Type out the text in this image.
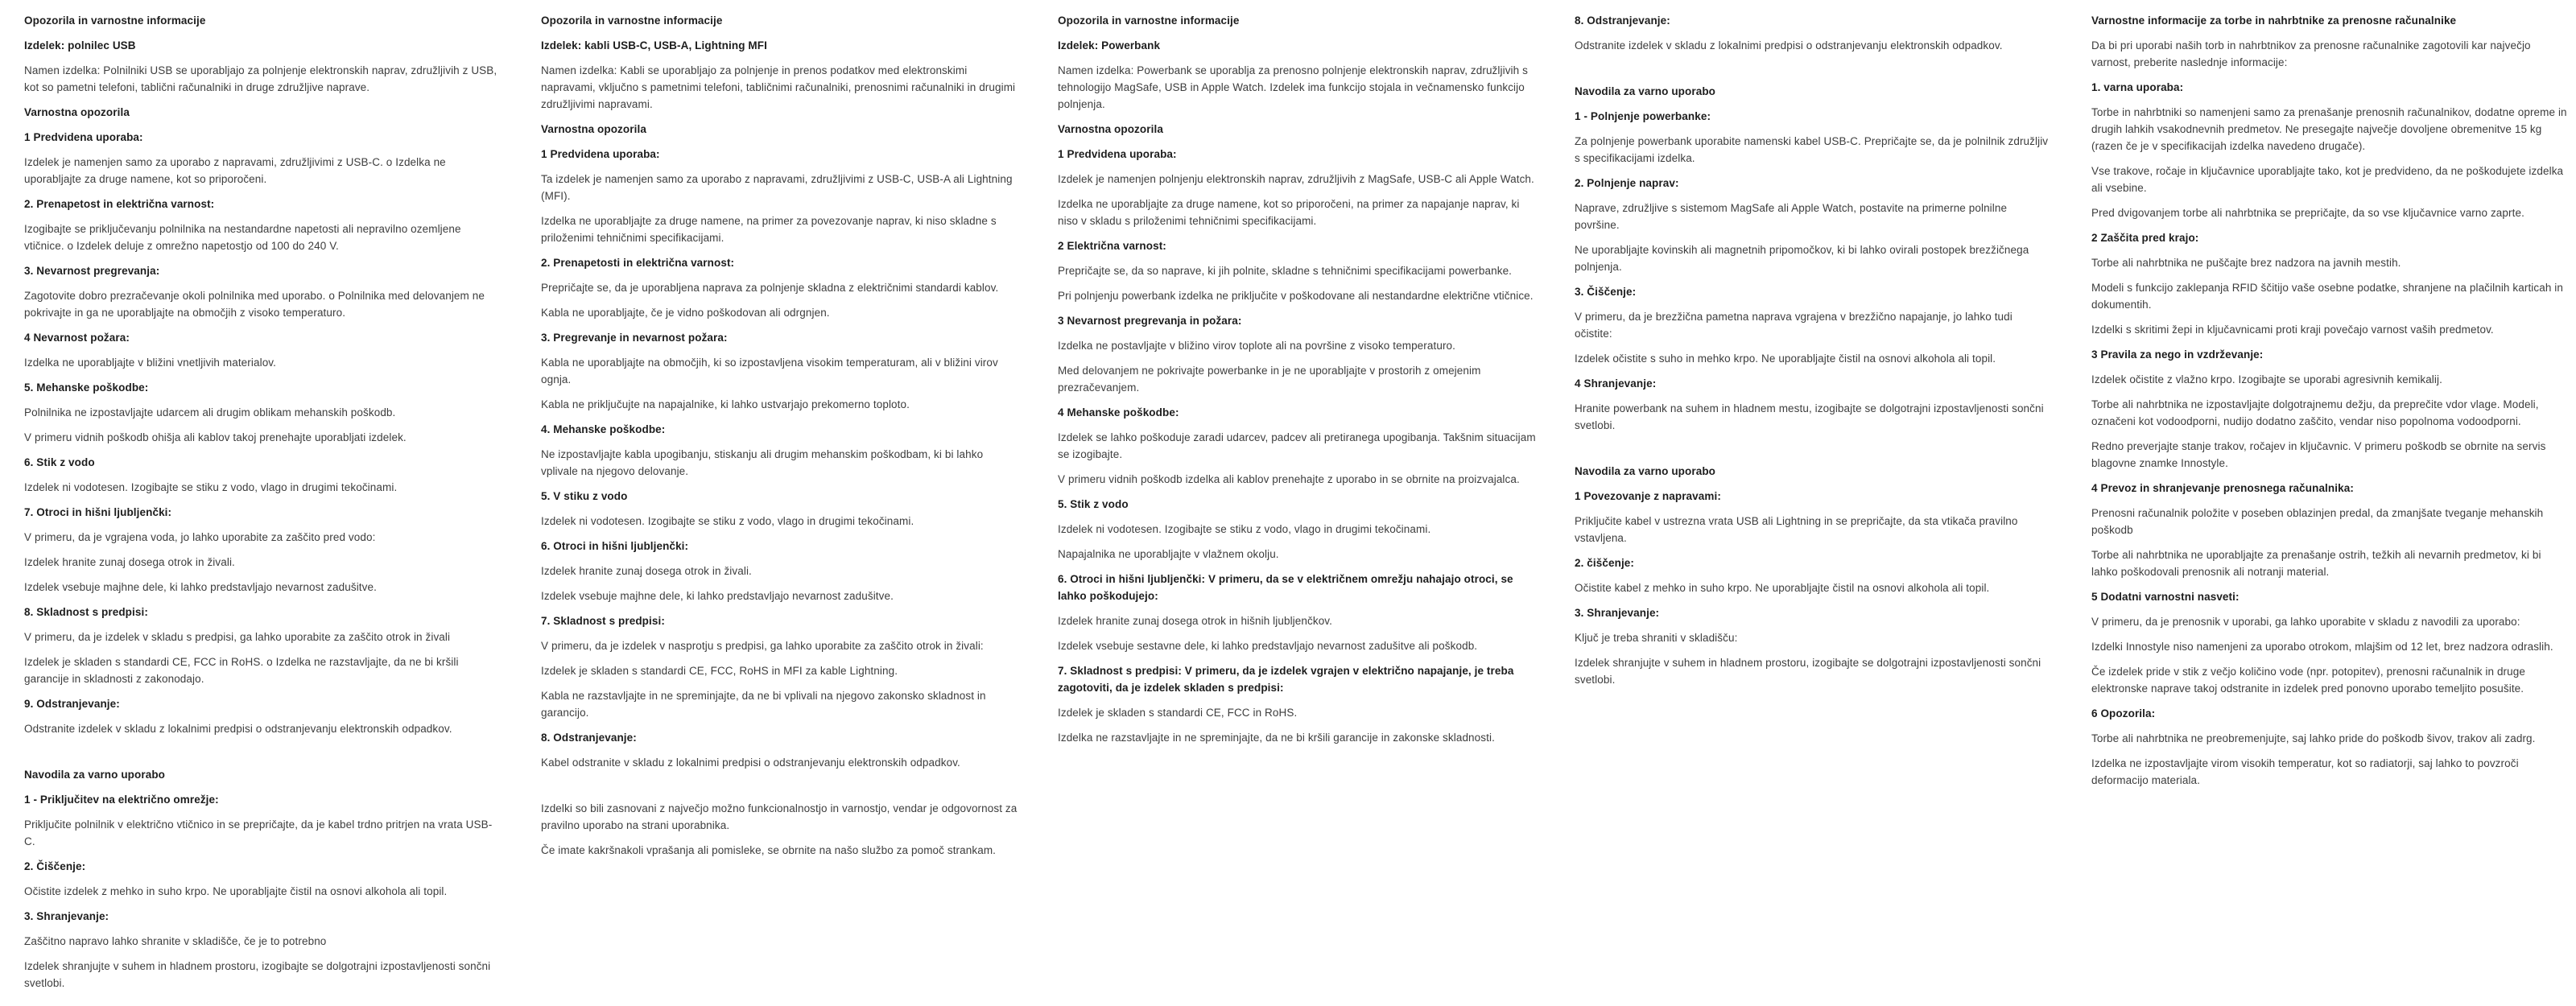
Opozorila in varnostne informacije
Izdelek: polnilec USB
Namen izdelka: Polnilniki USB se uporabljajo za polnjenje elektronskih naprav, združljivih z USB, kot so pametni telefoni, tablični računalniki in druge združljive naprave.
Varnostna opozorila
1 Predvidena uporaba:
Izdelek je namenjen samo za uporabo z napravami, združljivimi z USB-C. o Izdelka ne uporabljajte za druge namene, kot so priporočeni.
2. Prenapetost in električna varnost:
Izogibajte se priključevanju polnilnika na nestandardne napetosti ali nepravilno ozemljene vtičnice. o Izdelek deluje z omrežno napetostjo od 100 do 240 V.
3. Nevarnost pregrevanja:
Zagotovite dobro prezračevanje okoli polnilnika med uporabo. o Polnilnika med delovanjem ne pokrivajte in ga ne uporabljajte na območjih z visoko temperaturo.
4 Nevarnost požara:
Izdelka ne uporabljajte v bližini vnetljivih materialov.
5. Mehanske poškodbe:
Polnilnika ne izpostavljajte udarcem ali drugim oblikam mehanskih poškodb.
V primeru vidnih poškodb ohišja ali kablov takoj prenehajte uporabljati izdelek.
6. Stik z vodo
Izdelek ni vodotesen. Izogibajte se stiku z vodo, vlago in drugimi tekočinami.
7. Otroci in hišni ljubljenčki:
V primeru, da je vgrajena voda, jo lahko uporabite za zaščito pred vodo:
Izdelek hranite zunaj dosega otrok in živali.
Izdelek vsebuje majhne dele, ki lahko predstavljajo nevarnost zadušitve.
8. Skladnost s predpisi:
V primeru, da je izdelek v skladu s predpisi, ga lahko uporabite za zaščito otrok in živali
Izdelek je skladen s standardi CE, FCC in RoHS. o Izdelka ne razstavljajte, da ne bi kršili garancije in skladnosti z zakonodajo.
9. Odstranjevanje:
Odstranite izdelek v skladu z lokalnimi predpisi o odstranjevanju elektronskih odpadkov.
Navodila za varno uporabo
1 - Priključitev na električno omrežje:
Priključite polnilnik v električno vtičnico in se prepričajte, da je kabel trdno pritrjen na vrata USB-C.
2. Čiščenje:
Očistite izdelek z mehko in suho krpo. Ne uporabljajte čistil na osnovi alkohola ali topil.
3. Shranjevanje:
Zaščitno napravo lahko shranite v skladišče, če je to potrebno
Izdelek shranjujte v suhem in hladnem prostoru, izogibajte se dolgotrajni izpostavljenosti sončni svetlobi.
Opozorila in varnostne informacije
Izdelek: kabli USB-C, USB-A, Lightning MFI
Namen izdelka: Kabli se uporabljajo za polnjenje in prenos podatkov med elektronskimi napravami, vključno s pametnimi telefoni, tabličnimi računalniki, prenosnimi računalniki in drugimi združljivimi napravami.
Varnostna opozorila
1 Predvidena uporaba:
Ta izdelek je namenjen samo za uporabo z napravami, združljivimi z USB-C, USB-A ali Lightning (MFI).
Izdelka ne uporabljajte za druge namene, na primer za povezovanje naprav, ki niso skladne s priloženimi tehničnimi specifikacijami.
2. Prenapetosti in električna varnost:
Prepričajte se, da je uporabljena naprava za polnjenje skladna z električnimi standardi kablov.
Kabla ne uporabljajte, če je vidno poškodovan ali odrgnjen.
3. Pregrevanje in nevarnost požara:
Kabla ne uporabljajte na območjih, ki so izpostavljena visokim temperaturam, ali v bližini virov ognja.
Kabla ne priključujte na napajalnike, ki lahko ustvarjajo prekomerno toploto.
4. Mehanske poškodbe:
Ne izpostavljajte kabla upogibanju, stiskanju ali drugim mehanskim poškodbam, ki bi lahko vplivale na njegovo delovanje.
5. V stiku z vodo
Izdelek ni vodotesen. Izogibajte se stiku z vodo, vlago in drugimi tekočinami.
6. Otroci in hišni ljubljenčki:
Izdelek hranite zunaj dosega otrok in živali.
Izdelek vsebuje majhne dele, ki lahko predstavljajo nevarnost zadušitve.
7. Skladnost s predpisi:
V primeru, da je izdelek v nasprotju s predpisi, ga lahko uporabite za zaščito otrok in živali:
Izdelek je skladen s standardi CE, FCC, RoHS in MFI za kable Lightning.
Kabla ne razstavljajte in ne spreminjajte, da ne bi vplivali na njegovo zakonsko skladnost in garancijo.
8. Odstranjevanje:
Kabel odstranite v skladu z lokalnimi predpisi o odstranjevanju elektronskih odpadkov.
Izdelki so bili zasnovani z največjo možno funkcionalnostjo in varnostjo, vendar je odgovornost za pravilno uporabo na strani uporabnika.
Če imate kakršnakoli vprašanja ali pomisleke, se obrnite na našo službo za pomoč strankam.
Opozorila in varnostne informacije
Izdelek: Powerbank
Namen izdelka: Powerbank se uporablja za prenosno polnjenje elektronskih naprav, združljivih s tehnologijo MagSafe, USB in Apple Watch. Izdelek ima funkcijo stojala in večnamensko funkcijo polnjenja.
Varnostna opozorila
1 Predvidena uporaba:
Izdelek je namenjen polnjenju elektronskih naprav, združljivih z MagSafe, USB-C ali Apple Watch.
Izdelka ne uporabljajte za druge namene, kot so priporočeni, na primer za napajanje naprav, ki niso v skladu s priloženimi tehničnimi specifikacijami.
2 Električna varnost:
Prepričajte se, da so naprave, ki jih polnite, skladne s tehničnimi specifikacijami powerbanke.
Pri polnjenju powerbank izdelka ne priključite v poškodovane ali nestandardne električne vtičnice.
3 Nevarnost pregrevanja in požara:
Izdelka ne postavljajte v bližino virov toplote ali na površine z visoko temperaturo.
Med delovanjem ne pokrivajte powerbanke in je ne uporabljajte v prostorih z omejenim prezračevanjem.
4 Mehanske poškodbe:
Izdelek se lahko poškoduje zaradi udarcev, padcev ali pretiranega upogibanja. Takšnim situacijam se izogibajte.
V primeru vidnih poškodb izdelka ali kablov prenehajte z uporabo in se obrnite na proizvajalca.
5. Stik z vodo
Izdelek ni vodotesen. Izogibajte se stiku z vodo, vlago in drugimi tekočinami.
Napajalnika ne uporabljajte v vlažnem okolju.
6. Otroci in hišni ljubljenčki: V primeru, da se v električnem omrežju nahajajo otroci, se lahko poškodujejo:
Izdelek hranite zunaj dosega otrok in hišnih ljubljenčkov.
Izdelek vsebuje sestavne dele, ki lahko predstavljajo nevarnost zadušitve ali poškodb.
7. Skladnost s predpisi: V primeru, da je izdelek vgrajen v električno napajanje, je treba zagotoviti, da je izdelek skladen s predpisi:
Izdelek je skladen s standardi CE, FCC in RoHS.
Izdelka ne razstavljajte in ne spreminjajte, da ne bi kršili garancije in zakonske skladnosti.
8. Odstranjevanje:
Odstranite izdelek v skladu z lokalnimi predpisi o odstranjevanju elektronskih odpadkov.
Navodila za varno uporabo
1 - Polnjenje powerbanke:
Za polnjenje powerbank uporabite namenski kabel USB-C. Prepričajte se, da je polnilnik združljiv s specifikacijami izdelka.
2. Polnjenje naprav:
Naprave, združljive s sistemom MagSafe ali Apple Watch, postavite na primerne polnilne površine.
Ne uporabljajte kovinskih ali magnetnih pripomočkov, ki bi lahko ovirali postopek brezžičnega polnjenja.
3. Čiščenje:
V primeru, da je brezžična pametna naprava vgrajena v brezžično napajanje, jo lahko tudi očistite:
Izdelek očistite s suho in mehko krpo. Ne uporabljajte čistil na osnovi alkohola ali topil.
4 Shranjevanje:
Hranite powerbank na suhem in hladnem mestu, izogibajte se dolgotrajni izpostavljenosti sončni svetlobi.
Navodila za varno uporabo
1 Povezovanje z napravami:
Priključite kabel v ustrezna vrata USB ali Lightning in se prepričajte, da sta vtikača pravilno vstavljena.
2. čiščenje:
Očistite kabel z mehko in suho krpo. Ne uporabljajte čistil na osnovi alkohola ali topil.
3. Shranjevanje:
Ključ je treba shraniti v skladišču:
Izdelek shranjujte v suhem in hladnem prostoru, izogibajte se dolgotrajni izpostavljenosti sončni svetlobi.
Varnostne informacije za torbe in nahrbtnike za prenosne računalnike
Da bi pri uporabi naših torb in nahrbtnikov za prenosne računalnike zagotovili kar največjo varnost, preberite naslednje informacije:
1. varna uporaba:
Torbe in nahrbtniki so namenjeni samo za prenašanje prenosnih računalnikov, dodatne opreme in drugih lahkih vsakodnevnih predmetov. Ne presegajte največje dovoljene obremenitve 15 kg (razen če je v specifikacijah izdelka navedeno drugače).
Vse trakove, ročaje in ključavnice uporabljajte tako, kot je predvideno, da ne poškodujete izdelka ali vsebine.
Pred dvigovanjem torbe ali nahrbtnika se prepričajte, da so vse ključavnice varno zaprte.
2 Zaščita pred krajo:
Torbe ali nahrbtnika ne puščajte brez nadzora na javnih mestih.
Modeli s funkcijo zaklepanja RFID ščitijo vaše osebne podatke, shranjene na plačilnih karticah in dokumentih.
Izdelki s skritimi žepi in ključavnicami proti kraji povečajo varnost vaših predmetov.
3 Pravila za nego in vzdrževanje:
Izdelek očistite z vlažno krpo. Izogibajte se uporabi agresivnih kemikalij.
Torbe ali nahrbtnika ne izpostavljajte dolgotrajnemu dežju, da preprečite vdor vlage. Modeli, označeni kot vodoodporni, nudijo dodatno zaščito, vendar niso popolnoma vodoodporni.
Redno preverjajte stanje trakov, ročajev in ključavnic. V primeru poškodb se obrnite na servis blagovne znamke Innostyle.
4 Prevoz in shranjevanje prenosnega računalnika:
Prenosni računalnik položite v poseben oblazinjen predal, da zmanjšate tveganje mehanskih poškodb
Torbe ali nahrbtnika ne uporabljajte za prenašanje ostrih, težkih ali nevarnih predmetov, ki bi lahko poškodovali prenosnik ali notranji material.
5 Dodatni varnostni nasveti:
V primeru, da je prenosnik v uporabi, ga lahko uporabite v skladu z navodili za uporabo:
Izdelki Innostyle niso namenjeni za uporabo otrokom, mlajšim od 12 let, brez nadzora odraslih.
Če izdelek pride v stik z večjo količino vode (npr. potopitev), prenosni računalnik in druge elektronske naprave takoj odstranite in izdelek pred ponovno uporabo temeljito posušite.
6 Opozorila:
Torbe ali nahrbtnika ne preobremenjujte, saj lahko pride do poškodb šivov, trakov ali zadrg.
Izdelka ne izpostavljajte virom visokih temperatur, kot so radiatorji, saj lahko to povzroči deformacijo materiala.
